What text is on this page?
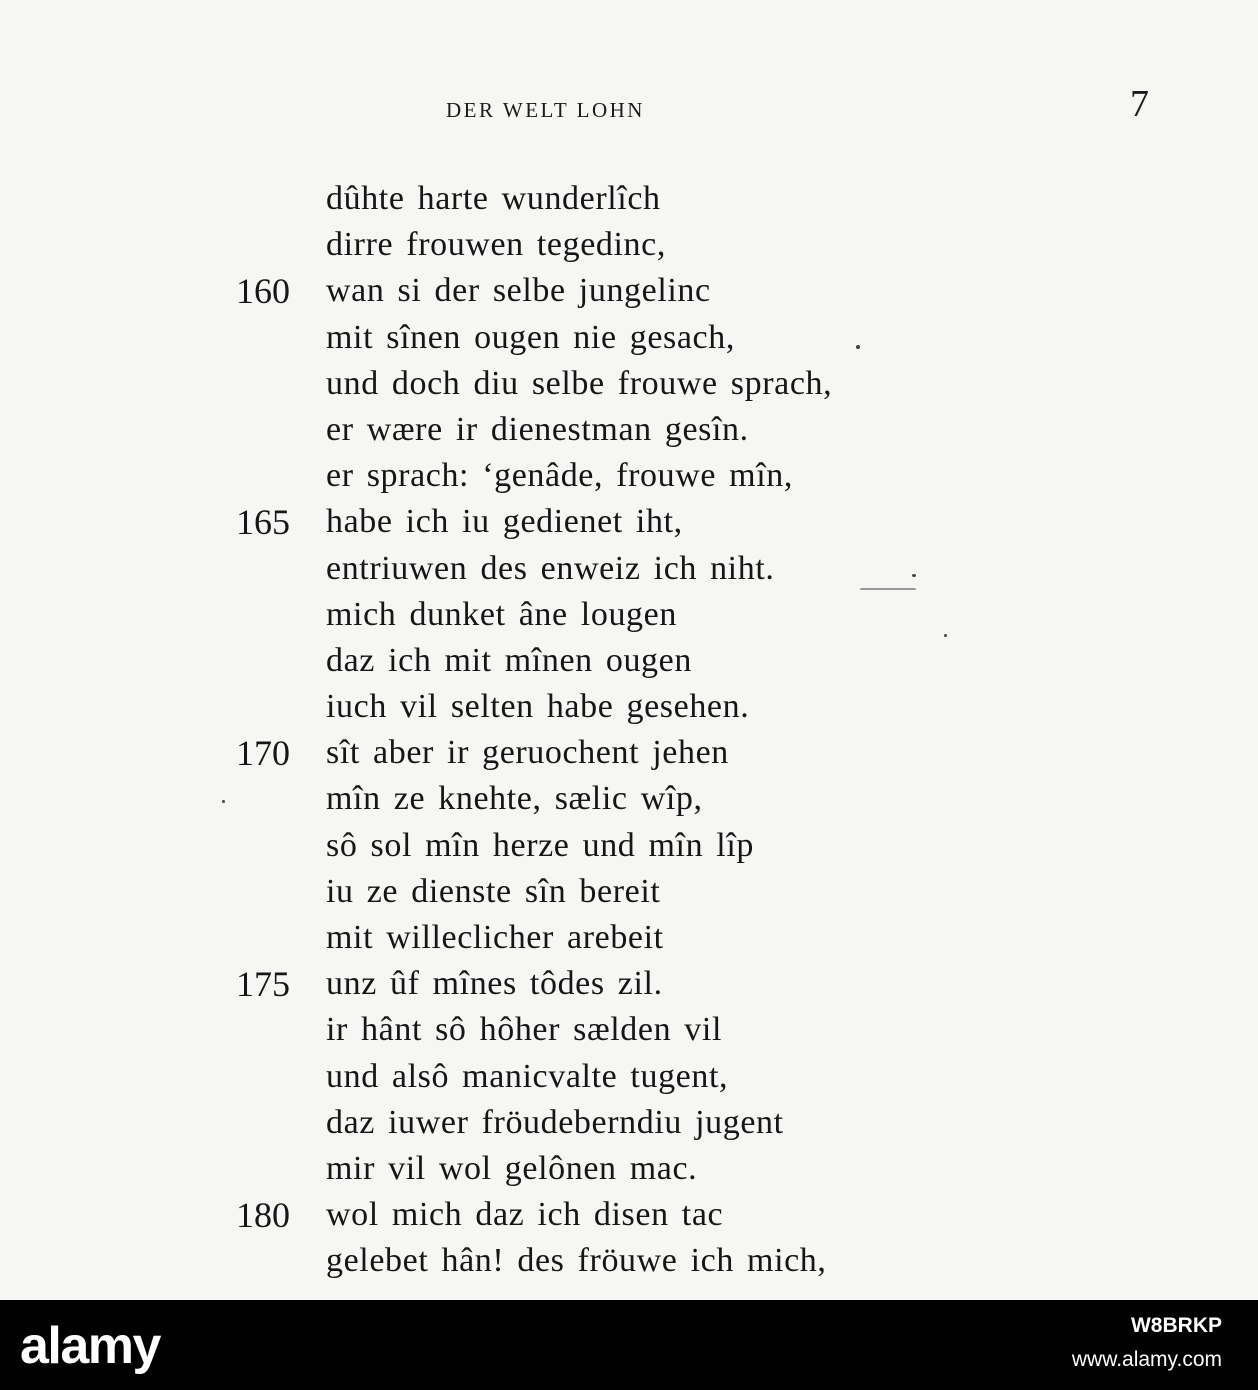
DER WELT LOHN	7
dûhte harte wunderlîch
dirre frouwen tegedinc,
160 wan si der selbe jungelinc
mit sînen ougen nie gesach,
und doch diu selbe frouwe sprach,
er wære ir dienestman gesîn.
er sprach: ‘genâde, frouwe mîn,
165 habe ich iu gedienet iht,
entriuwen des enweiz ich niht.
mich dunket âne lougen
daz ich mit mînen ougen
iuch vil selten habe gesehen.
170 sît aber ir geruochent jehen
mîn ze knehte, sælic wîp,
sô sol mîn herze und mîn lîp
iu ze dienste sîn bereit
mit willeclicher arebeit
175 unz ûf mînes tôdes zil.
ir hânt sô hôher sælden vil
und alsô manicvalte tugent,
daz iuwer fröudeberndiu jugent
mir vil wol gelônen mac.
180 wol mich daz ich disen tac
gelebet hân! des fröuwe ich mich,
alamy	W8BRKP
www.alamy.com
